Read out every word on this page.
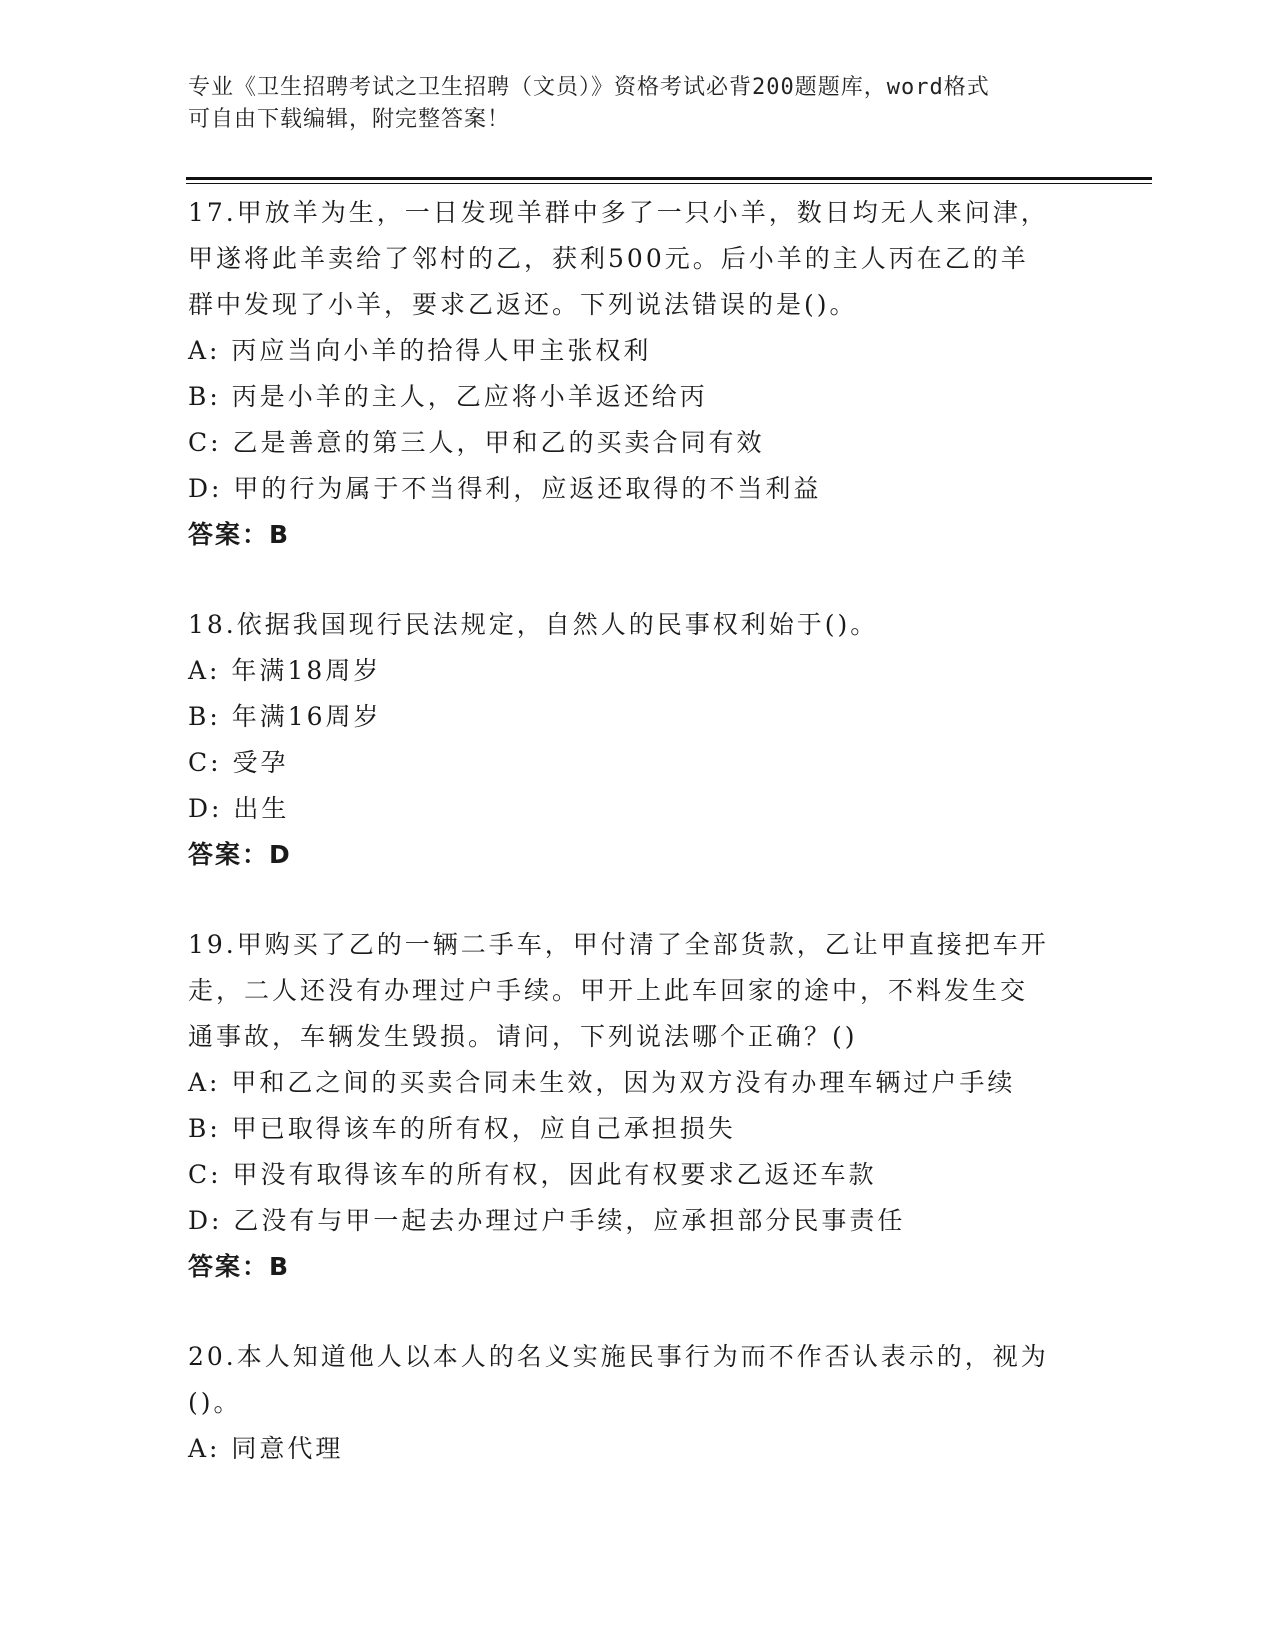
专业《卫生招聘考试之卫生招聘（文员）》资格考试必背200题题库，word格式
可自由下载编辑，附完整答案！
17.甲放羊为生，一日发现羊群中多了一只小羊，数日均无人来问津，
甲遂将此羊卖给了邻村的乙，获利500元。后小羊的主人丙在乙的羊
群中发现了小羊，要求乙返还。下列说法错误的是()。
A: 丙应当向小羊的拾得人甲主张权利
B: 丙是小羊的主人，乙应将小羊返还给丙
C: 乙是善意的第三人，甲和乙的买卖合同有效
D: 甲的行为属于不当得利，应返还取得的不当利益
答案：B
18.依据我国现行民法规定，自然人的民事权利始于()。
A: 年满18周岁
B: 年满16周岁
C: 受孕
D: 出生
答案：D
19.甲购买了乙的一辆二手车，甲付清了全部货款，乙让甲直接把车开
走，二人还没有办理过户手续。甲开上此车回家的途中，不料发生交
通事故，车辆发生毁损。请问，下列说法哪个正确？()
A: 甲和乙之间的买卖合同未生效，因为双方没有办理车辆过户手续
B: 甲已取得该车的所有权，应自己承担损失
C: 甲没有取得该车的所有权，因此有权要求乙返还车款
D: 乙没有与甲一起去办理过户手续，应承担部分民事责任
答案：B
20.本人知道他人以本人的名义实施民事行为而不作否认表示的，视为
()。
A: 同意代理
